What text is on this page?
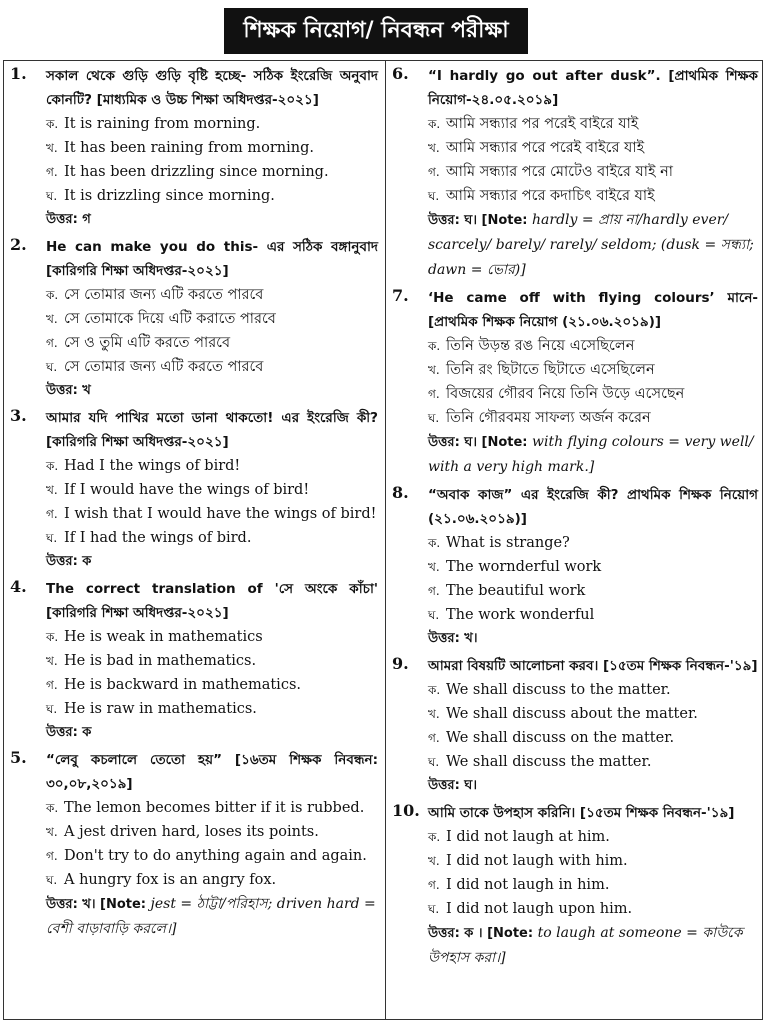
শিক্ষক নিয়োগ/ নিবন্ধন পরীক্ষা
1. সকাল থেকে গুড়ি গুড়ি বৃষ্টি হচ্ছে- সঠিক ইংরেজি অনুবাদ কোনটি? [মাধ্যমিক ও উচ্চ শিক্ষা অধিদপ্তর-২০২১]

ক. It is raining from morning.

খ. It has been raining from morning.

গ. It has been drizzling since morning.

ঘ. It is drizzling since morning.

উত্তর: গ

2. He can make you do this- এর সঠিক বঙ্গানুবাদ [কারিগরি শিক্ষা অধিদপ্তর-২০২১]

ক. সে তোমার জন্য এটি করতে পারবে

খ. সে তোমাকে দিয়ে এটি করাতে পারবে

গ. সে ও তুমি এটি করতে পারবে

ঘ. সে তোমার জন্য এটি করতে পারবে

উত্তর: খ

3. আমার যদি পাখির মতো ডানা থাকতো! এর ইংরেজি কী? [কারিগরি শিক্ষা অধিদপ্তর-২০২১]

ক. Had I the wings of bird!

খ. If I would have the wings of bird!

গ. I wish that I would have the wings of bird!

ঘ. If I had the wings of bird.

উত্তর: ক

4. The correct translation of 'সে অংকে কাঁচা' [কারিগরি শিক্ষা অধিদপ্তর-২০২১]

ক. He is weak in mathematics

খ. He is bad in mathematics.

গ. He is backward in mathematics.

ঘ. He is raw in mathematics.

উত্তর: ক

5. “লেবু কচলালে তেতো হয়” [১৬তম শিক্ষক নিবন্ধন: ৩০,০৮,২০১৯]

ক. The lemon becomes bitter if it is rubbed.

খ. A jest driven hard, loses its points.

গ. Don't try to do anything again and again.

ঘ. A hungry fox is an angry fox.

উত্তর: খ। [Note: jest = ঠাট্টা/পরিহাস; driven hard = বেশী বাড়াবাড়ি করলে।]

6. “I hardly go out after dusk”. [প্রাথমিক শিক্ষক নিয়োগ-২৪.০৫.২০১৯]

ক. আমি সন্ধ্যার পর পরেই বাইরে যাই

খ. আমি সন্ধ্যার পরে পরেই বাইরে যাই

গ. আমি সন্ধ্যার পরে মোটেও বাইরে যাই না

ঘ. আমি সন্ধ্যার পরে কদাচিৎ বাইরে যাই

উত্তর: ঘ। [Note: hardly = প্রায় না/hardly ever/ scarcely/ barely/ rarely/ seldom; (dusk = সন্ধ্যা; dawn = ভোর)]

7. ‘He came off with flying colours’ মানে- [প্রাথমিক শিক্ষক নিয়োগ (২১.০৬.২০১৯)]

ক. তিনি উড়ন্ত রঙ নিয়ে এসেছিলেন

খ. তিনি রং ছিটাতে ছিটাতে এসেছিলেন

গ. বিজয়ের গৌরব নিয়ে তিনি উড়ে এসেছেন

ঘ. তিনি গৌরবময় সাফল্য অর্জন করেন

উত্তর: ঘ। [Note: with flying colours = very well/ with a very high mark.]

8. “অবাক কাজ” এর ইংরেজি কী? প্রাথমিক শিক্ষক নিয়োগ (২১.০৬.২০১৯)]

ক. What is strange?

খ. The wornderful work

গ. The beautiful work

ঘ. The work wonderful

উত্তর: খ।

9. আমরা বিষয়টি আলোচনা করব। [১৫তম শিক্ষক নিবন্ধন-'১৯]

ক. We shall discuss to the matter.

খ. We shall discuss about the matter.

গ. We shall discuss on the matter.

ঘ. We shall discuss the matter.

উত্তর: ঘ।

10. আমি তাকে উপহাস করিনি। [১৫তম শিক্ষক নিবন্ধন-'১৯]

ক. I did not laugh at him.

খ. I did not laugh with him.

গ. I did not laugh in him.

ঘ. I did not laugh upon him.

উত্তর: ক । [Note: to laugh at someone = কাউকে উপহাস করা।]
